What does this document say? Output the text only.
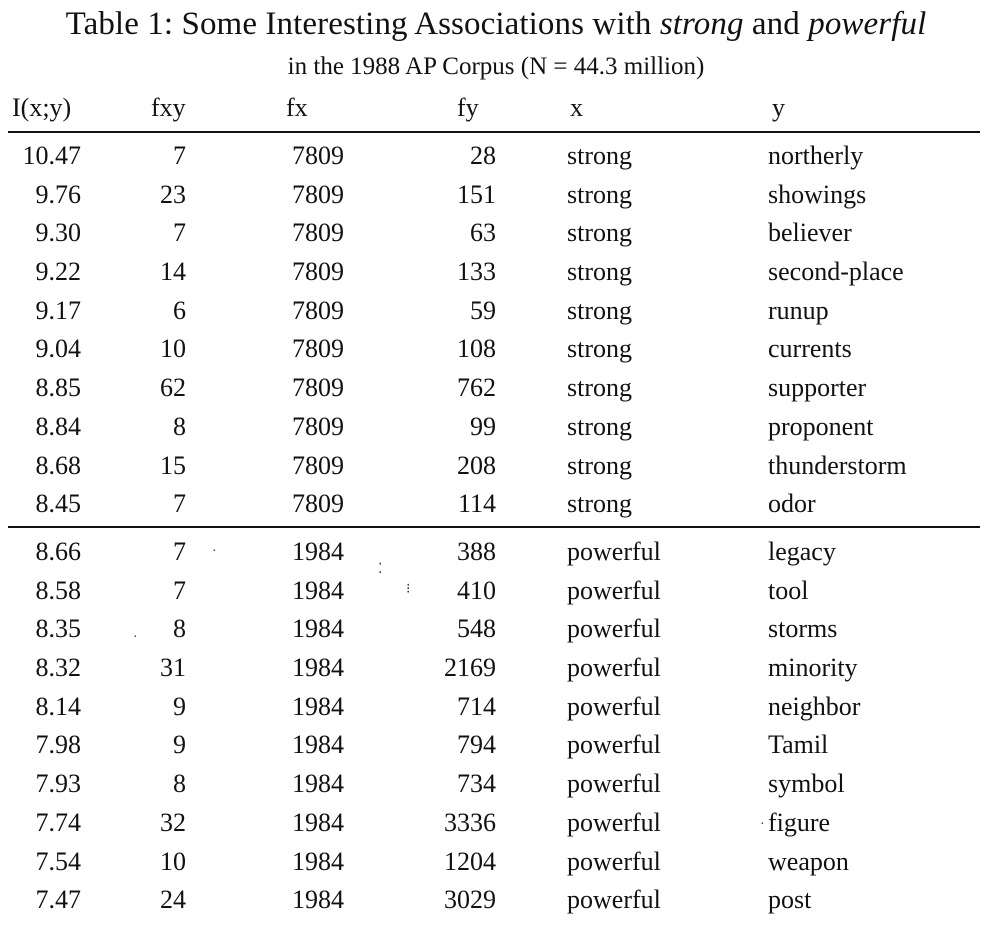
Table 1: Some Interesting Associations with strong and powerful
in the 1988 AP Corpus (N = 44.3 million)
I(x;y)	fxy	fx	fy	x	y
10.47	7	7809	28	strong	northerly
9.76	23	7809	151	strong	showings
9.30	7	7809	63	strong	believer
9.22	14	7809	133	strong	second-place
9.17	6	7809	59	strong	runup
9.04	10	7809	108	strong	currents
8.85	62	7809	762	strong	supporter
8.84	8	7809	99	strong	proponent
8.68	15	7809	208	strong	thunderstorm
8.45	7	7809	114	strong	odor
8.66	7	1984	388	powerful	legacy
8.58	7	1984	410	powerful	tool
8.35	8	1984	548	powerful	storms
8.32	31	1984	2169	powerful	minority
8.14	9	1984	714	powerful	neighbor
7.98	9	1984	794	powerful	Tamil
7.93	8	1984	734	powerful	symbol
7.74	32	1984	3336	powerful	figure
7.54	10	1984	1204	powerful	weapon
7.47	24	1984	3029	powerful	post
⁚
⁝
·
·
·
